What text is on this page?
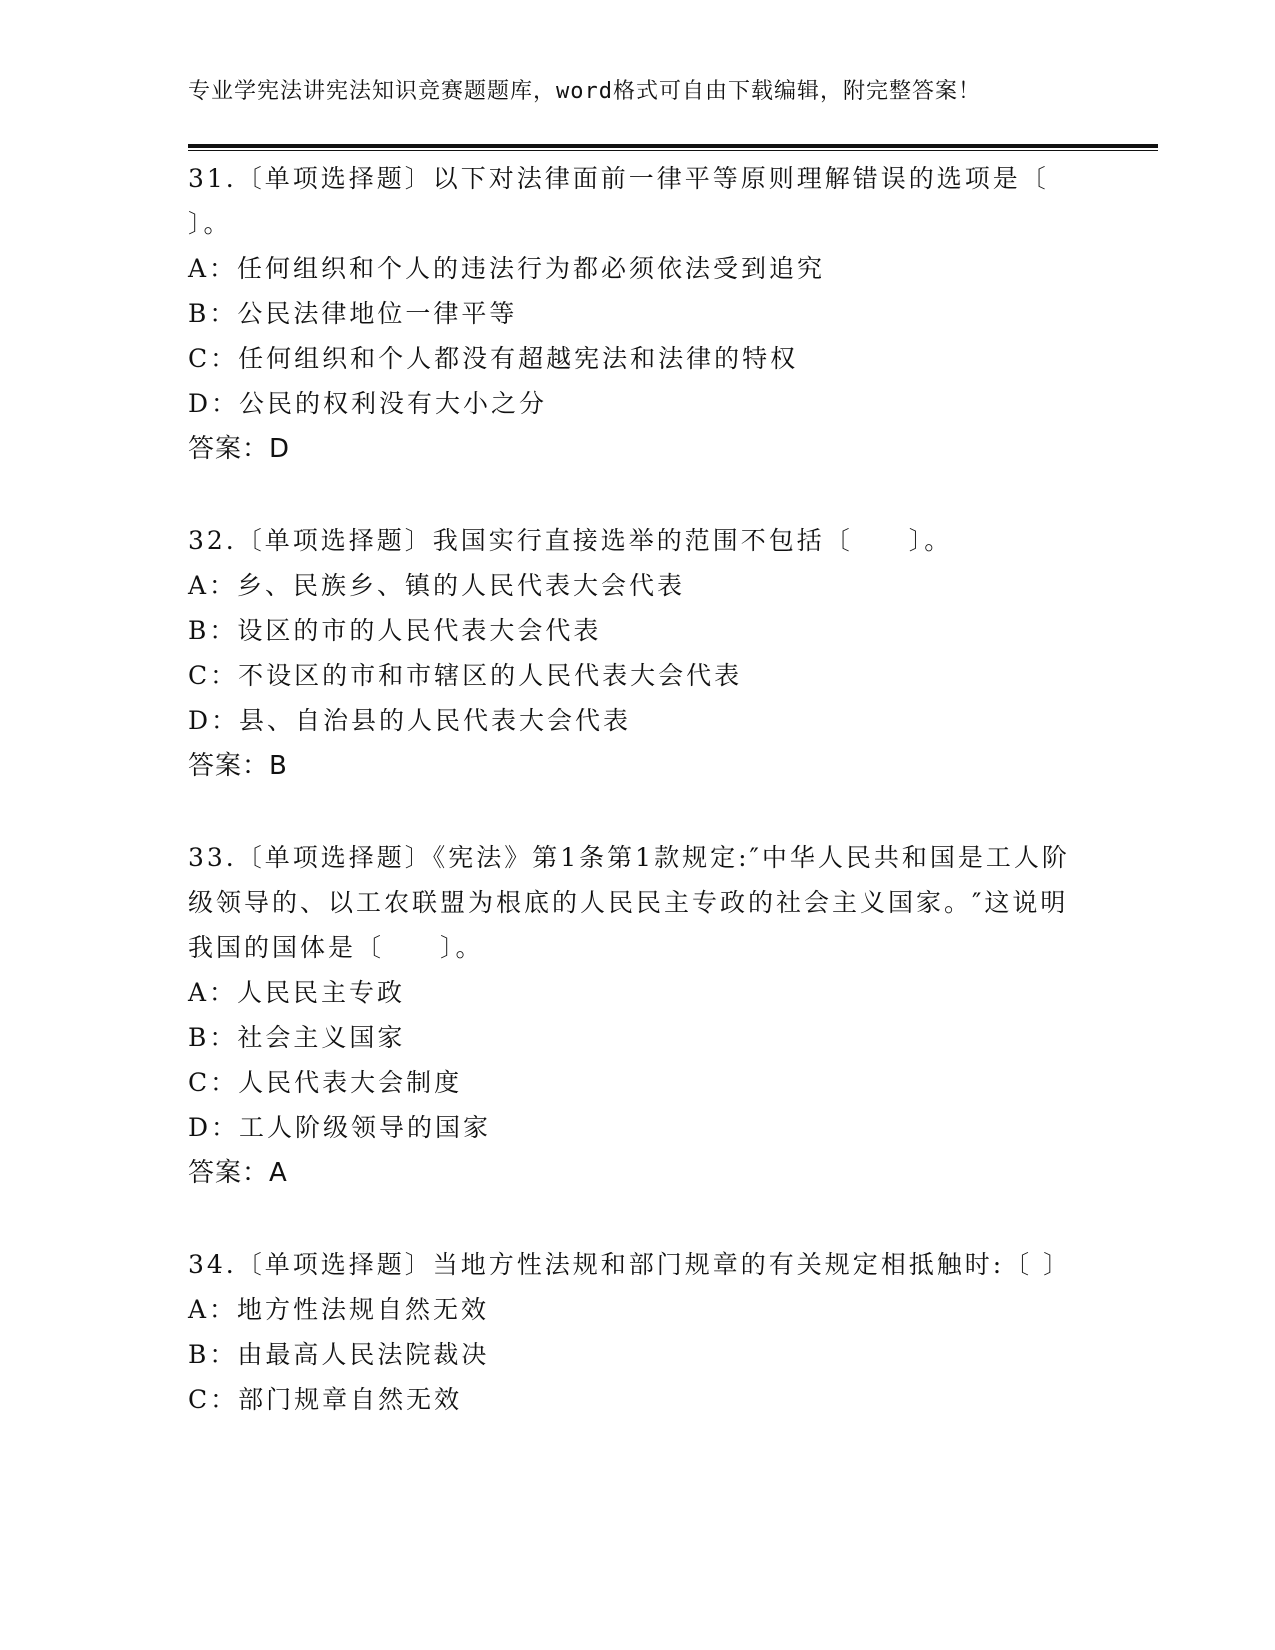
专业学宪法讲宪法知识竞赛题题库，word格式可自由下载编辑，附完整答案！

31.〔单项选择题〕以下对法律面前一律平等原则理解错误的选项是〔 〕。

A：任何组织和个人的违法行为都必须依法受到追究

B：公民法律地位一律平等

C：任何组织和个人都没有超越宪法和法律的特权

D：公民的权利没有大小之分

答案：D

32.〔单项选择题〕我国实行直接选举的范围不包括〔　　〕。

A：乡、民族乡、镇的人民代表大会代表

B：设区的市的人民代表大会代表

C：不设区的市和市辖区的人民代表大会代表

D：县、自治县的人民代表大会代表

答案：B

33.〔单项选择题〕《宪法》第1条第1款规定:″中华人民共和国是工人阶级领导的、以工农联盟为根底的人民民主专政的社会主义国家。″这说明我国的国体是〔　　〕。

A：人民民主专政

B：社会主义国家

C：人民代表大会制度

D：工人阶级领导的国家

答案：A

34.〔单项选择题〕当地方性法规和部门规章的有关规定相抵触时:〔 〕

A：地方性法规自然无效

B：由最高人民法院裁决

C：部门规章自然无效
